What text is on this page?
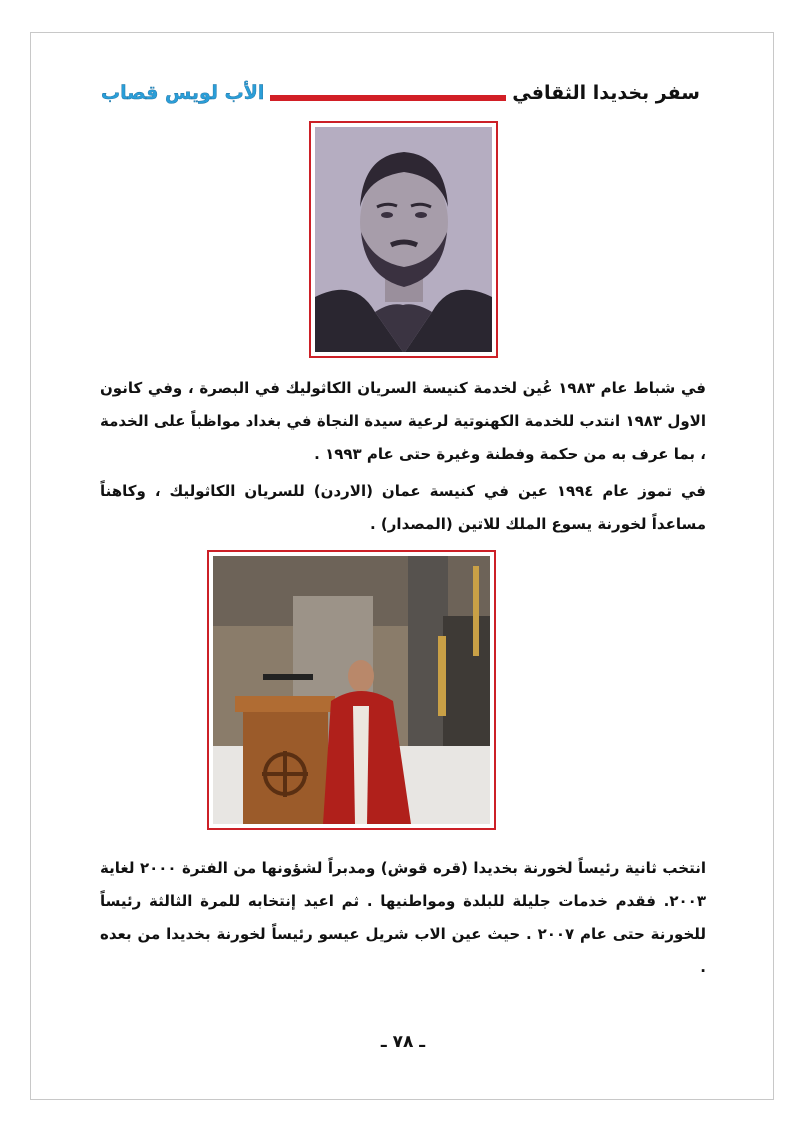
سفر بخديدا الثقافي
الأب لويس قصاب

في شباط عام ١٩٨٣ عُين لخدمة كنيسة السريان الكاثوليك في البصرة ، وفي كانون الاول ١٩٨٣ انتدب للخدمة الكهنوتية لرعية سيدة النجاة في بغداد مواظباً على الخدمة ، بما عرف به من حكمة وفطنة وغيرة حتى عام ١٩٩٣ .

في تموز عام ١٩٩٤ عين في كنيسة عمان (الاردن) للسريان الكاثوليك ، وكاهناً مساعداً لخورنة يسوع الملك للاتين (المصدار) .

انتخب ثانية رئيساً لخورنة بخديدا (قره قوش) ومدبراً لشؤونها من الفترة ٢٠٠٠ لغاية ٢٠٠٣. فقدم خدمات جليلة للبلدة ومواطنيها . ثم اعيد إنتخابه للمرة الثالثة رئيساً للخورنة حتى عام ٢٠٠٧ . حيث عين الاب شريل عيسو رئيساً لخورنة بخديدا من بعده .

ـ ٧٨ ـ
